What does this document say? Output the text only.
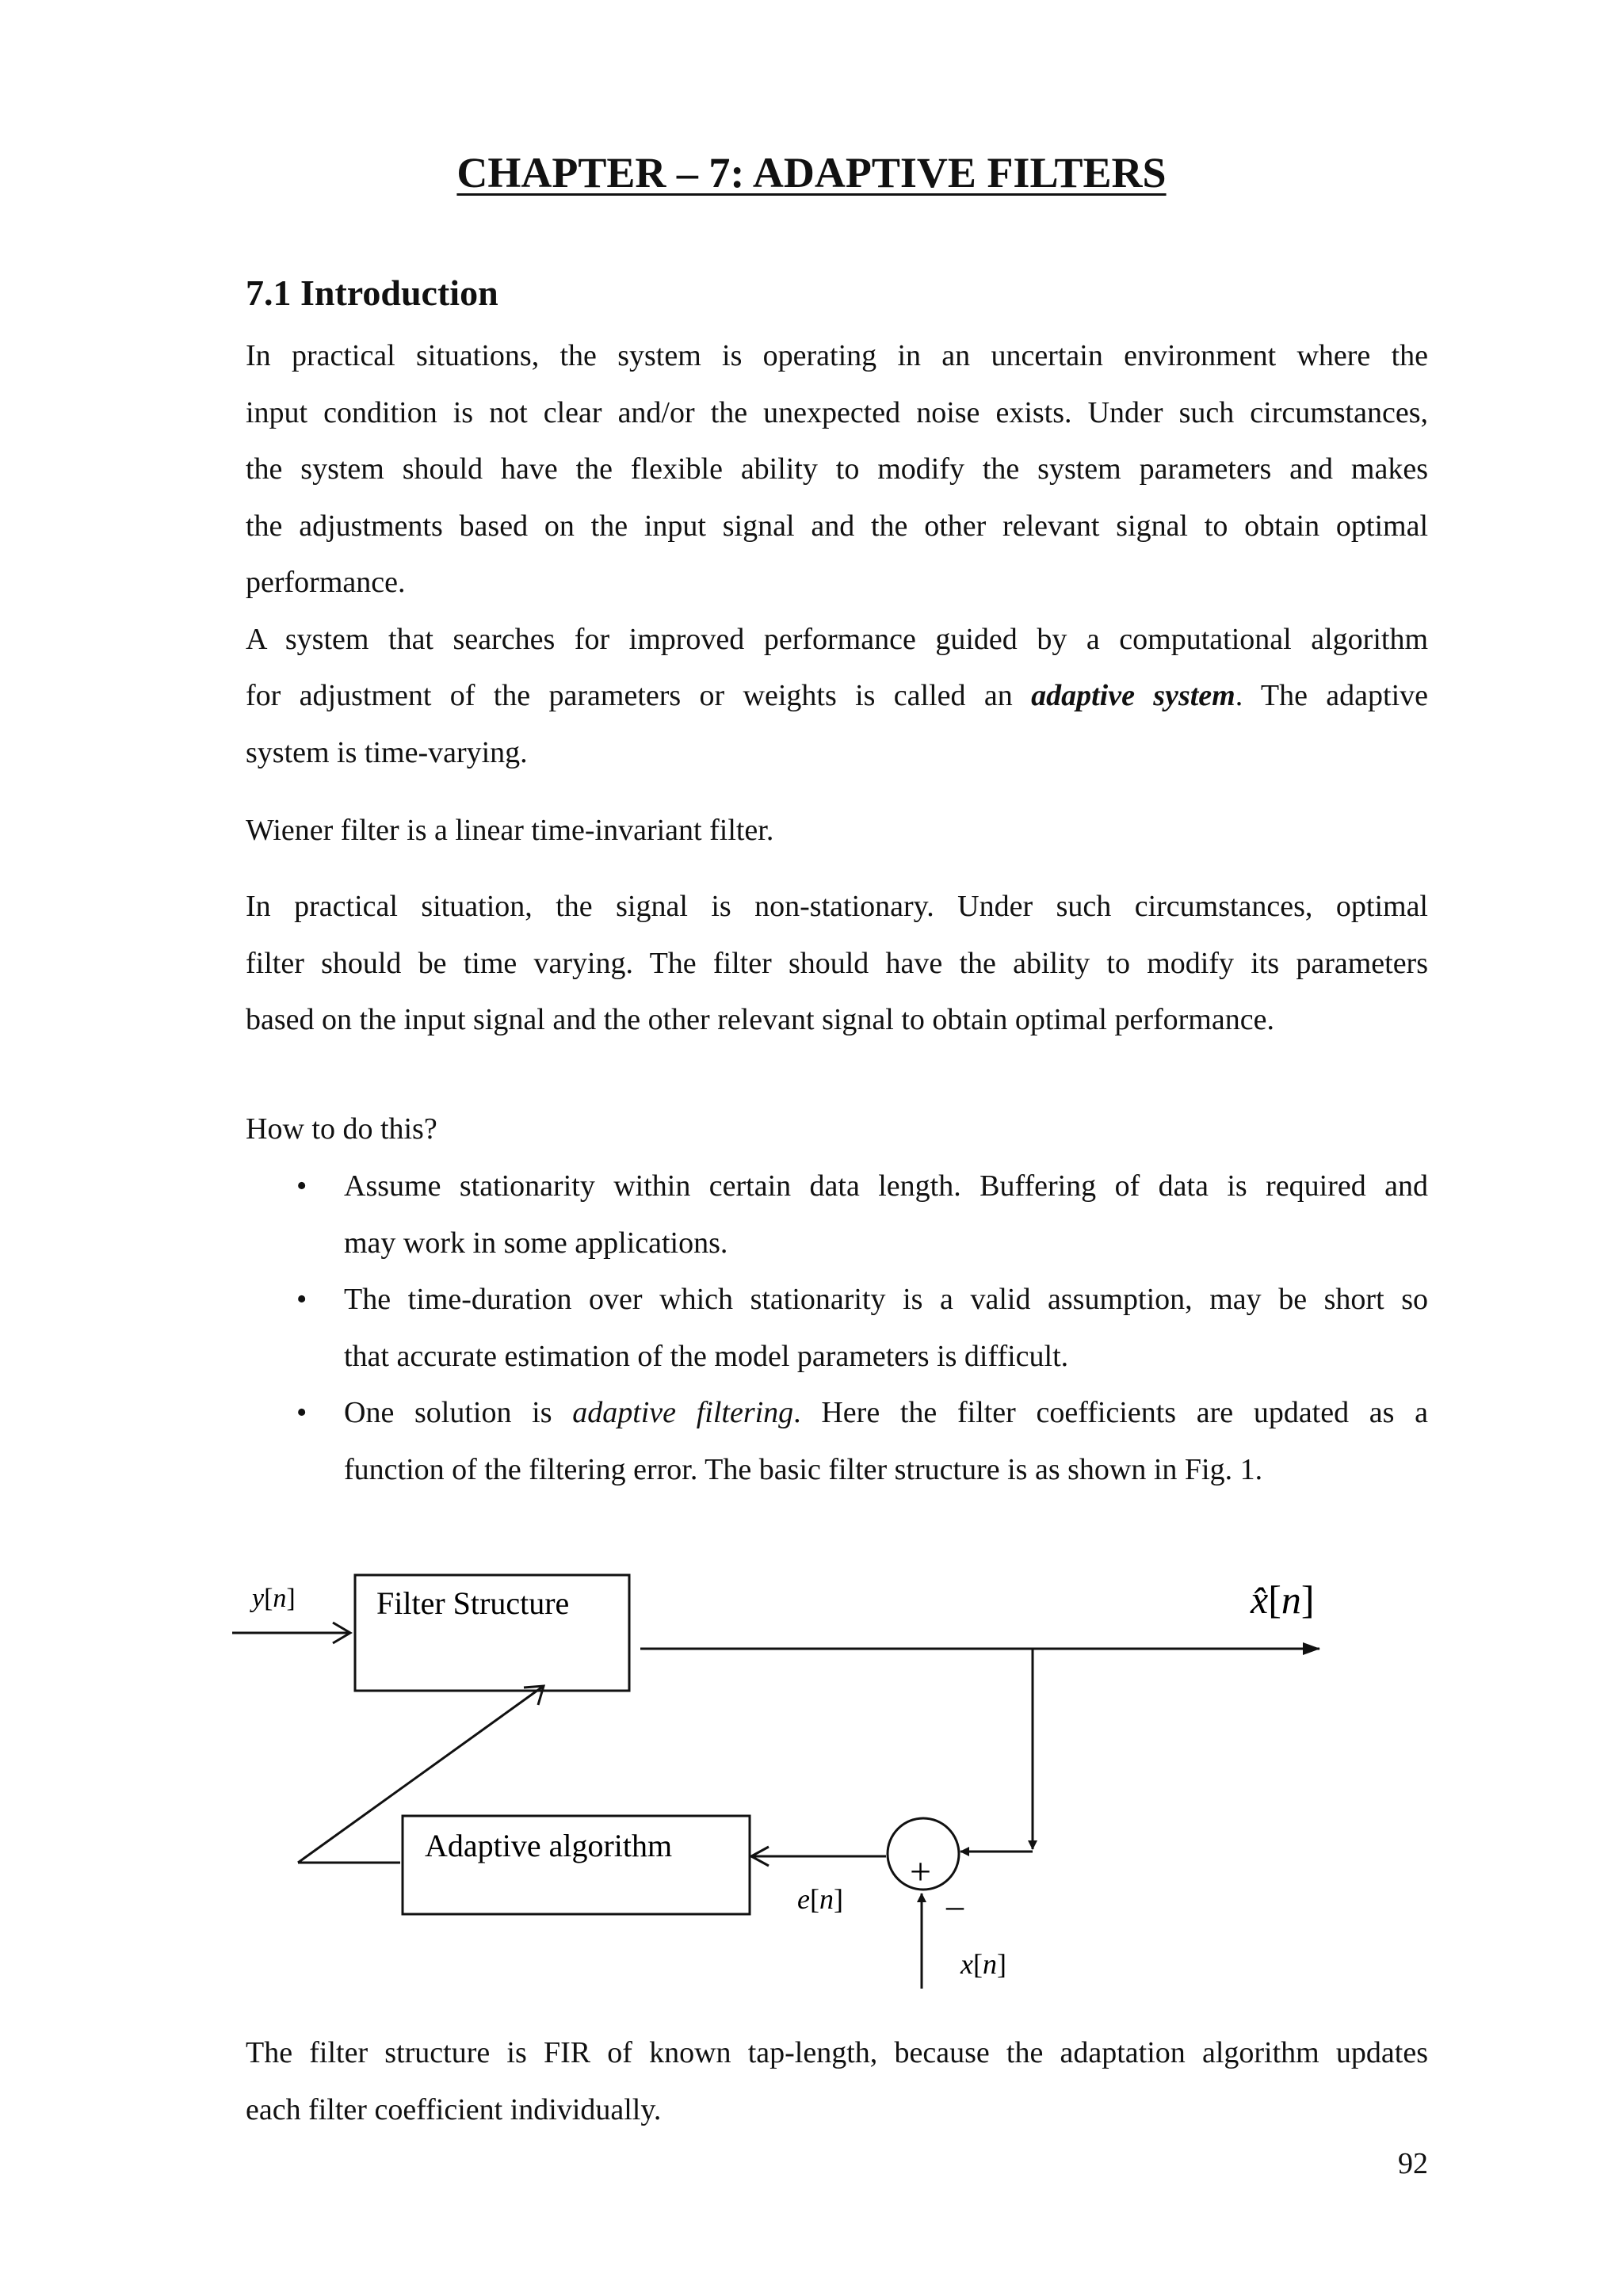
CHAPTER – 7: ADAPTIVE FILTERS
7.1 Introduction
In practical situations, the system is operating in an uncertain environment where the
input condition is not clear and/or the unexpected noise exists. Under such circumstances,
the system should have the flexible ability to modify the system parameters and makes
the adjustments based on the input signal and the other relevant signal to obtain optimal
performance.
A system that searches for improved performance guided by a computational algorithm
for adjustment of the parameters or weights is called an adaptive system. The adaptive
system is time-varying.
Wiener filter is a linear time-invariant filter.
In practical situation, the signal is non-stationary. Under such circumstances, optimal
filter should be time varying. The filter should have the ability to modify its parameters
based on the input signal and the other relevant signal to obtain optimal performance.
How to do this?
• Assume stationarity within certain data length. Buffering of data is required and
may work in some applications.
• The time-duration over which stationarity is a valid assumption, may be short so
that accurate estimation of the model parameters is difficult.
• One solution is adaptive filtering. Here the filter coefficients are updated as a
function of the filtering error. The basic filter structure is as shown in Fig. 1.
y[n]	Filter Structure	x̂[n]
+
–
x[n]
e[n]
Adaptive algorithm
The filter structure is FIR of known tap-length, because the adaptation algorithm updates
each filter coefficient individually.
92
